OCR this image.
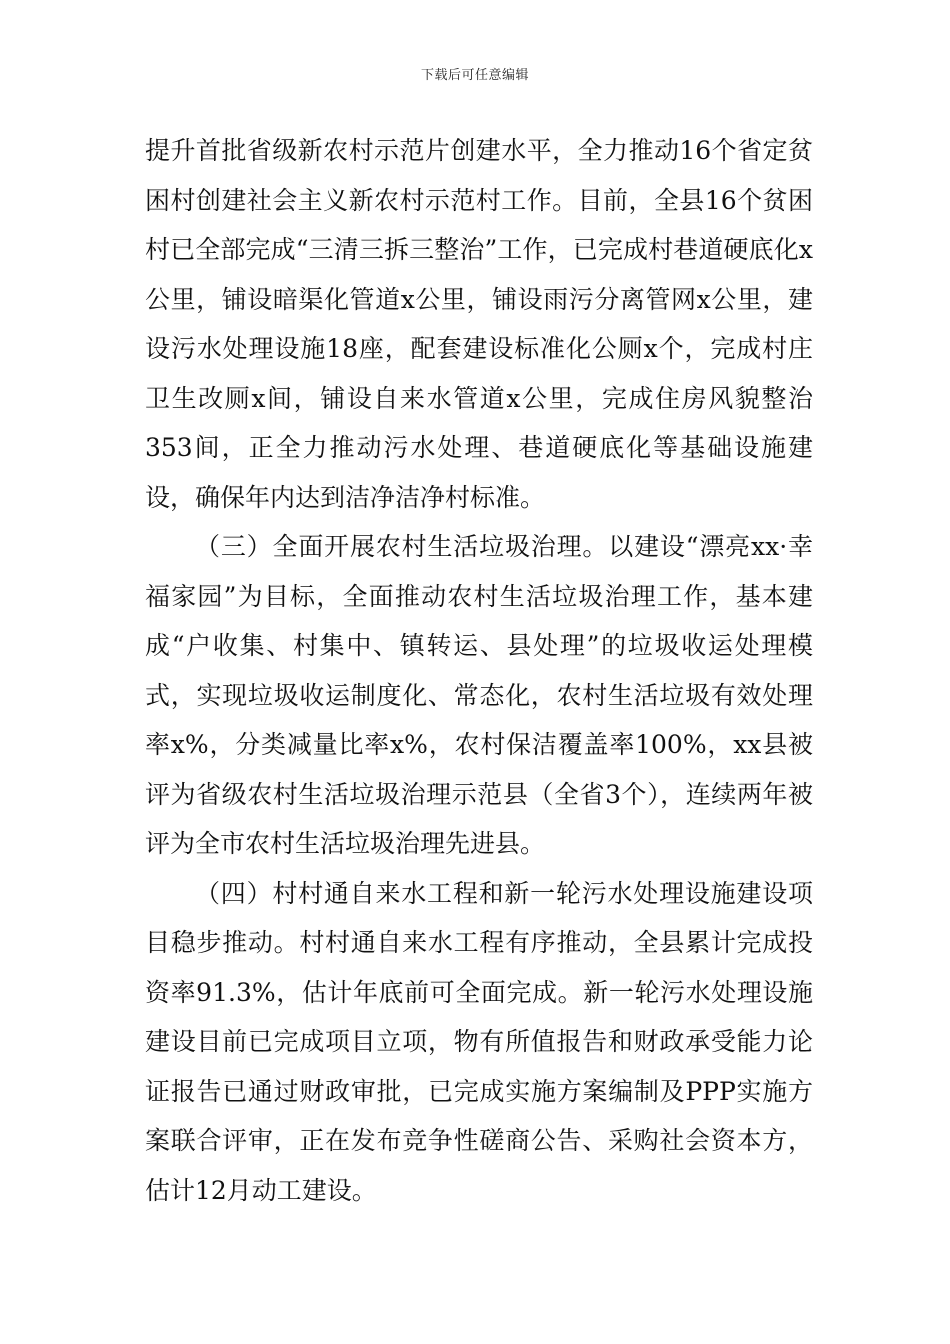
下载后可任意编辑

提升首批省级新农村示范片创建水平，全力推动16个省定贫困村创建社会主义新农村示范村工作。目前，全县16个贫困村已全部完成“三清三拆三整治”工作，已完成村巷道硬底化x公里，铺设暗渠化管道x公里，铺设雨污分离管网x公里，建设污水处理设施18座，配套建设标准化公厕x个，完成村庄卫生改厕x间，铺设自来水管道x公里，完成住房风貌整治353间，正全力推动污水处理、巷道硬底化等基础设施建设，确保年内达到洁净洁净村标准。

（三）全面开展农村生活垃圾治理。以建设“漂亮xx·幸福家园”为目标，全面推动农村生活垃圾治理工作，基本建成“户收集、村集中、镇转运、县处理”的垃圾收运处理模式，实现垃圾收运制度化、常态化，农村生活垃圾有效处理率x%，分类减量比率x%，农村保洁覆盖率100%，xx县被评为省级农村生活垃圾治理示范县（全省3个），连续两年被评为全市农村生活垃圾治理先进县。

（四）村村通自来水工程和新一轮污水处理设施建设项目稳步推动。村村通自来水工程有序推动，全县累计完成投资率91.3%，估计年底前可全面完成。新一轮污水处理设施建设目前已完成项目立项，物有所值报告和财政承受能力论证报告已通过财政审批，已完成实施方案编制及PPP实施方案联合评审，正在发布竞争性磋商公告、采购社会资本方，估计12月动工建设。
